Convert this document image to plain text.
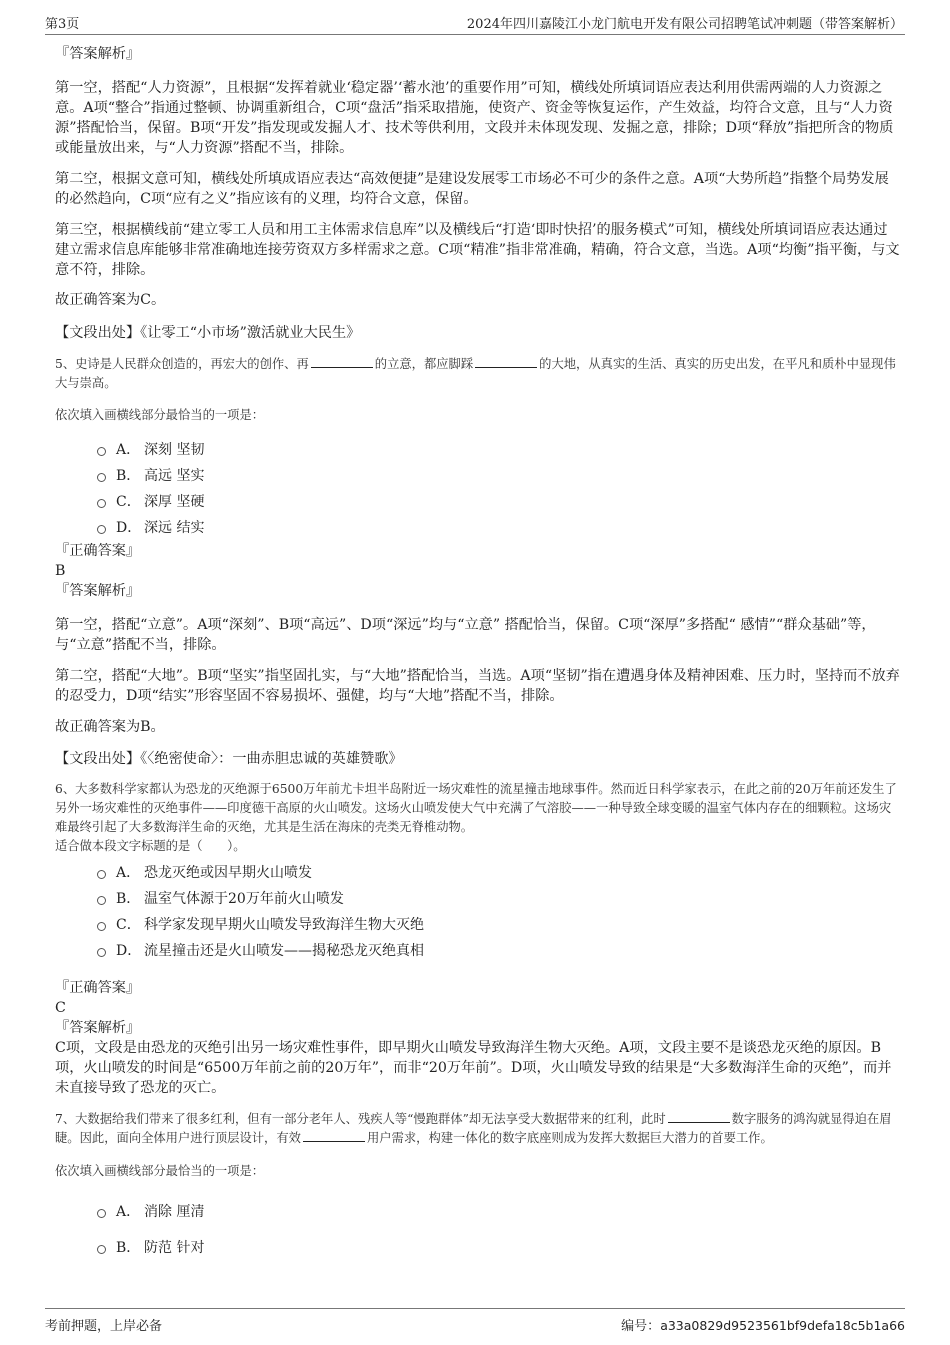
第3页	2024年四川嘉陵江小龙门航电开发有限公司招聘笔试冲刺题（带答案解析）

『答案解析』

第一空，搭配“人力资源”，且根据“发挥着就业‘稳定器’‘蓄水池’的重要作用”可知，横线处所填词语应表达利用供需两端的人力资源之意。A项“整合”指通过整顿、协调重新组合，C项“盘活”指采取措施，使资产、资金等恢复运作，产生效益，均符合文意，且与“人力资源”搭配恰当，保留。B项“开发”指发现或发掘人才、技术等供利用，文段并未体现发现、发掘之意，排除；D项“释放”指把所含的物质或能量放出来，与“人力资源”搭配不当，排除。

第二空，根据文意可知，横线处所填成语应表达“高效便捷”是建设发展零工市场必不可少的条件之意。A项“大势所趋”指整个局势发展的必然趋向，C项“应有之义”指应该有的义理，均符合文意，保留。

第三空，根据横线前“建立零工人员和用工主体需求信息库”以及横线后“打造‘即时快招’的服务模式”可知，横线处所填词语应表达通过建立需求信息库能够非常准确地连接劳资双方多样需求之意。C项“精准”指非常准确，精确，符合文意，当选。A项“均衡”指平衡，与文意不符，排除。

故正确答案为C。

【文段出处】《让零工“小市场”激活就业大民生》

5、史诗是人民群众创造的，再宏大的创作、再	的立意，都应脚踩	的大地，从真实的生活、真实的历史出发，在平凡和质朴中显现伟大与崇高。

依次填入画横线部分最恰当的一项是：

A． 深刻 坚韧
B． 高远 坚实
C． 深厚 坚硬
D． 深远 结实

『正确答案』

B

『答案解析』

第一空，搭配“立意”。A项“深刻”、B项“高远”、D项“深远”均与“立意” 搭配恰当，保留。C项“深厚”多搭配“ 感情”“群众基础”等，与“立意”搭配不当，排除。

第二空，搭配“大地”。B项“坚实”指坚固扎实，与“大地”搭配恰当，当选。A项“坚韧”指在遭遇身体及精神困难、压力时，坚持而不放弃的忍受力，D项“结实”形容坚固不容易损坏、强健，均与“大地”搭配不当，排除。

故正确答案为B。

【文段出处】《〈绝密使命〉：一曲赤胆忠诚的英雄赞歌》

6、大多数科学家都认为恐龙的灭绝源于6500万年前尤卡坦半岛附近一场灾难性的流星撞击地球事件。然而近日科学家表示，在此之前的20万年前还发生了另外一场灾难性的灭绝事件——印度德干高原的火山喷发。这场火山喷发使大气中充满了气溶胶——一种导致全球变暖的温室气体内存在的细颗粒。这场灾难最终引起了大多数海洋生命的灭绝，尤其是生活在海床的壳类无脊椎动物。

适合做本段文字标题的是（　　）。

A． 恐龙灭绝或因早期火山喷发
B． 温室气体源于20万年前火山喷发
C． 科学家发现早期火山喷发导致海洋生物大灭绝
D． 流星撞击还是火山喷发——揭秘恐龙灭绝真相

『正确答案』

C

『答案解析』

C项，文段是由恐龙的灭绝引出另一场灾难性事件，即早期火山喷发导致海洋生物大灭绝。A项，文段主要不是谈恐龙灭绝的原因。B项，火山喷发的时间是“6500万年前之前的20万年”，而非“20万年前”。D项，火山喷发导致的结果是“大多数海洋生命的灭绝”，而并未直接导致了恐龙的灭亡。

7、大数据给我们带来了很多红利，但有一部分老年人、残疾人等“慢跑群体”却无法享受大数据带来的红利，此时	数字服务的鸿沟就显得迫在眉睫。因此，面向全体用户进行顶层设计，有效	用户需求，构建一体化的数字底座则成为发挥大数据巨大潜力的首要工作。

依次填入画横线部分最恰当的一项是：

A． 消除 厘清
B． 防范 针对
考前押题，上岸必备	编号：a33a0829d9523561bf9defa18c5b1a66
